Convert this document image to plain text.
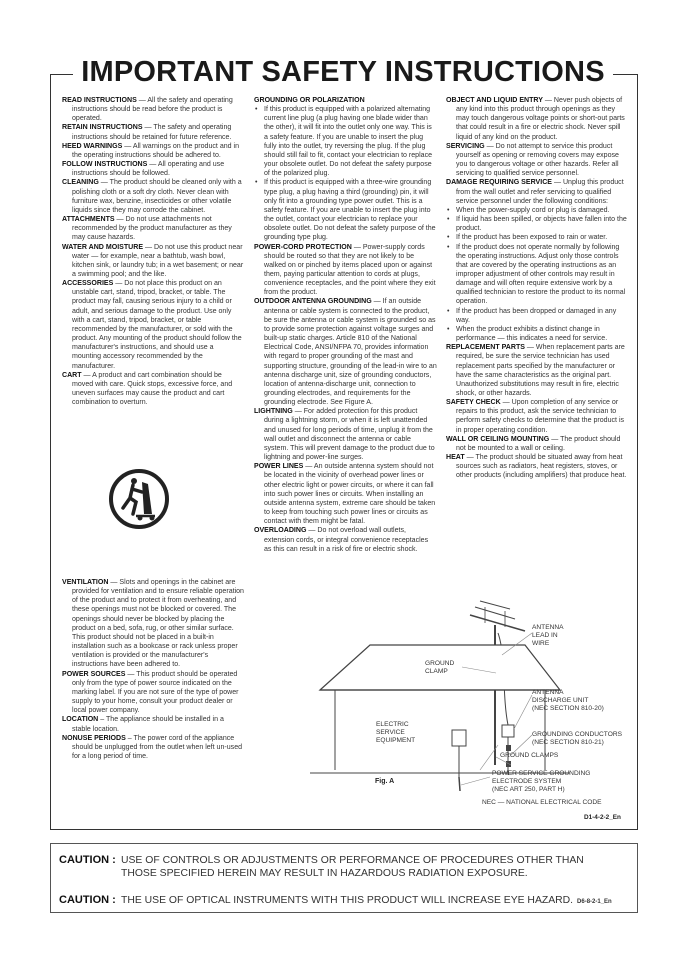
IMPORTANT SAFETY INSTRUCTIONS

READ INSTRUCTIONS — All the safety and operating instructions should be read before the product is operated.

RETAIN INSTRUCTIONS — The safety and operating instructions should be retained for future reference.

HEED WARNINGS — All warnings on the product and in the operating instructions should be adhered to.

FOLLOW INSTRUCTIONS — All operating and use instructions should be followed.

CLEANING — The product should be cleaned only with a polishing cloth or a soft dry cloth. Never clean with furniture wax, benzine, insecticides or other volatile liquids since they may corrode the cabinet.

ATTACHMENTS — Do not use attachments not recommended by the product manufacturer as they may cause hazards.

WATER AND MOISTURE — Do not use this product near water — for example, near a bathtub, wash bowl, kitchen sink, or laundry tub; in a wet basement; or near a swimming pool; and the like.

ACCESSORIES — Do not place this product on an unstable cart, stand, tripod, bracket, or table. The product may fall, causing serious injury to a child or adult, and serious damage to the product. Use only with a cart, stand, tripod, bracket, or table recommended by the manufacturer, or sold with the product. Any mounting of the product should follow the manufacturer's instructions, and should use a mounting accessory recommended by the manufacturer.

CART — A product and cart combination should be moved with care. Quick stops, excessive force, and uneven surfaces may cause the product and cart combination to overturn.

VENTILATION — Slots and openings in the cabinet are provided for ventilation and to ensure reliable operation of the product and to protect it from overheating, and these openings must not be blocked or covered. The openings should never be blocked by placing the product on a bed, sofa, rug, or other similar surface. This product should not be placed in a built-in installation such as a bookcase or rack unless proper ventilation is provided or the manufacturer's instructions have been adhered to.

POWER SOURCES — This product should be operated only from the type of power source indicated on the marking label. If you are not sure of the type of power supply to your home, consult your product dealer or local power company.

LOCATION – The appliance should be installed in a stable location.

NONUSE PERIODS – The power cord of the appliance should be unplugged from the outlet when left un-used for a long period of time.

GROUNDING OR POLARIZATION

• If this product is equipped with a polarized alternating current line plug (a plug having one blade wider than the other), it will fit into the outlet only one way. This is a safety feature. If you are unable to insert the plug fully into the outlet, try reversing the plug. If the plug should still fail to fit, contact your electrician to replace your obsolete outlet. Do not defeat the safety purpose of the polarized plug.
• If this product is equipped with a three-wire grounding type plug, a plug having a third (grounding) pin, it will only fit into a grounding type power outlet. This is a safety feature. If you are unable to insert the plug into the outlet, contact your electrician to replace your obsolete outlet. Do not defeat the safety purpose of the grounding type plug.

POWER-CORD PROTECTION — Power-supply cords should be routed so that they are not likely to be walked on or pinched by items placed upon or against them, paying particular attention to cords at plugs, convenience receptacles, and the point where they exit from the product.

OUTDOOR ANTENNA GROUNDING — If an outside antenna or cable system is connected to the product, be sure the antenna or cable system is grounded so as to provide some protection against voltage surges and built-up static charges. Article 810 of the National Electrical Code, ANSI/NFPA 70, provides information with regard to proper grounding of the mast and supporting structure, grounding of the lead-in wire to an antenna discharge unit, size of grounding conductors, location of antenna-discharge unit, connection to grounding electrodes, and requirements for the grounding electrode. See Figure A.

LIGHTNING — For added protection for this product during a lightning storm, or when it is left unattended and unused for long periods of time, unplug it from the wall outlet and disconnect the antenna or cable system. This will prevent damage to the product due to lightning and power-line surges.

POWER LINES — An outside antenna system should not be located in the vicinity of overhead power lines or other electric light or power circuits, or where it can fall into such power lines or circuits. When installing an outside antenna system, extreme care should be taken to keep from touching such power lines or circuits as contact with them might be fatal.

OVERLOADING — Do not overload wall outlets, extension cords, or integral convenience receptacles as this can result in a risk of fire or electric shock.

OBJECT AND LIQUID ENTRY — Never push objects of any kind into this product through openings as they may touch dangerous voltage points or short-out parts that could result in a fire or electric shock. Never spill liquid of any kind on the product.

SERVICING — Do not attempt to service this product yourself as opening or removing covers may expose you to dangerous voltage or other hazards. Refer all servicing to qualified service personnel.

DAMAGE REQUIRING SERVICE — Unplug this product from the wall outlet and refer servicing to qualified service personnel under the following conditions:

• When the power-supply cord or plug is damaged.
• If liquid has been spilled, or objects have fallen into the product.
• If the product has been exposed to rain or water.
• If the product does not operate normally by following the operating instructions. Adjust only those controls that are covered by the operating instructions as an improper adjustment of other controls may result in damage and will often require extensive work by a qualified technician to restore the product to its normal operation.
• If the product has been dropped or damaged in any way.
• When the product exhibits a distinct change in performance — this indicates a need for service.

REPLACEMENT PARTS — When replacement parts are required, be sure the service technician has used replacement parts specified by the manufacturer or have the same characteristics as the original part. Unauthorized substitutions may result in fire, electric shock, or other hazards.

SAFETY CHECK — Upon completion of any service or repairs to this product, ask the service technician to perform safety checks to determine that the product is in proper operating condition.

WALL OR CEILING MOUNTING — The product should not be mounted to a wall or ceiling.

HEAT — The product should be situated away from heat sources such as radiators, heat registers, stoves, or other products (including amplifiers) that produce heat.

ANTENNA
LEAD IN
WIRE
GROUND
CLAMP
ANTENNA
DISCHARGE UNIT
(NEC SECTION 810-20)
ELECTRIC
SERVICE
EQUIPMENT
GROUNDING CONDUCTORS
(NEC SECTION 810-21)
GROUND CLAMPS
POWER SERVICE GROUNDING
ELECTRODE SYSTEM
(NEC ART 250, PART H)
NEC — NATIONAL ELECTRICAL CODE
Fig. A
D1-4-2-2_En
CAUTION : USE OF CONTROLS OR ADJUSTMENTS OR PERFORMANCE OF PROCEDURES OTHER THAN THOSE SPECIFIED HEREIN MAY RESULT IN HAZARDOUS RADIATION EXPOSURE.
CAUTION : THE USE OF OPTICAL INSTRUMENTS WITH THIS PRODUCT WILL INCREASE EYE HAZARD. D6-8-2-1_En
